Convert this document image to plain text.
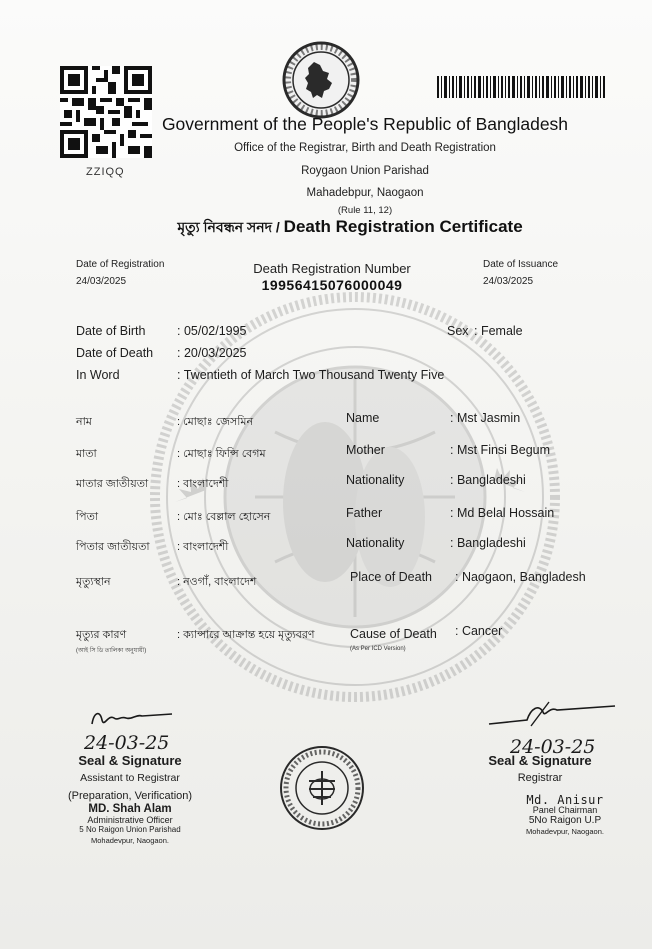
ZZIQQ
Government of the People's Republic of Bangladesh
Office of the Registrar, Birth and Death Registration
Roygaon Union Parishad
Mahadebpur, Naogaon
(Rule 11, 12)
মৃত্যু নিবন্ধন সনদ / Death Registration Certificate
Date of Registration
24/03/2025
Death Registration Number
19956415076000049
Date of Issuance
24/03/2025
Date of Birth	: 05/02/1995	Sex : Female
Date of Death : 20/03/2025
In Word	: Twentieth of March Two Thousand Twenty Five
নাম	: মোছাঃ জেসমিন	Name	: Mst Jasmin
মাতা	: মোছাঃ ফিন্সি বেগম	Mother	: Mst Finsi Begum
মাতার জাতীয়তা	: বাংলাদেশী	Nationality	: Bangladeshi
পিতা	: মোঃ বেল্লাল হোসেন	Father	: Md Belal Hossain
পিতার জাতীয়তা : বাংলাদেশী	Nationality	: Bangladeshi
মৃত্যুস্থান	: নওগাঁ, বাংলাদেশ	Place of Death : Naogaon, Bangladesh
মৃত্যুর কারণ	: ক্যান্সারে আক্রান্ত হয়ে মৃত্যুবরণ	Cause of Death : Cancer
(আই সি ডি তালিকা অনুযায়ী)	(As Per ICD Version)
24-03-25
Seal & Signature
Assistant to Registrar
(Preparation, Verification)
MD. Shah Alam
Administrative Officer
5 No Raigon Union Parishad
Mohadevpur, Naogaon.
24-03-25
Seal & Signature
Registrar
Md. Anisur
Panel Chairman
5No Raigon U.P
Mohadevpur, Naogaon.
